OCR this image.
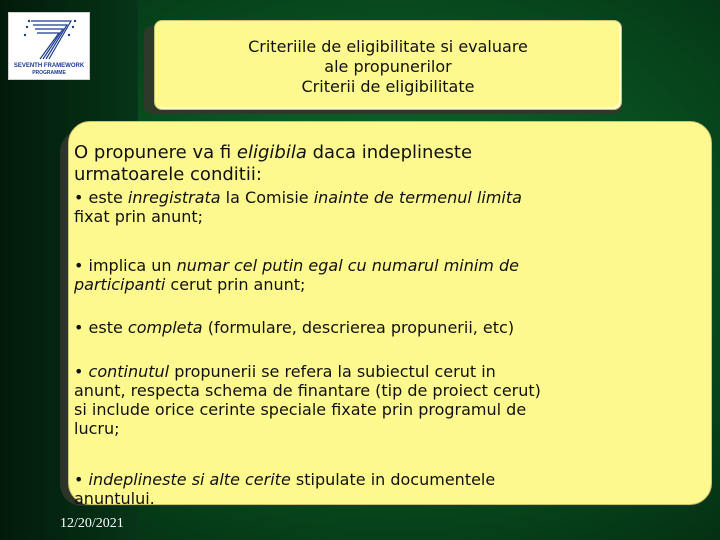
SEVENTH FRAMEWORK
PROGRAMME
Criteriile de eligibilitate si evaluare
ale propunerilor
Criterii de eligibilitate
O propunere va fi eligibila daca indeplineste
urmatoarele conditii:
• este inregistrata la Comisie inainte de termenul limita
fixat prin anunt;
• implica un numar cel putin egal cu numarul minim de
participanti cerut prin anunt;
• este completa (formulare, descrierea propunerii, etc)
• continutul propunerii se refera la subiectul cerut in
anunt, respecta schema de finantare (tip de proiect cerut)
si include orice cerinte speciale fixate prin programul de
lucru;
• indeplineste si alte cerite stipulate in documentele
anuntului.
12/20/2021
